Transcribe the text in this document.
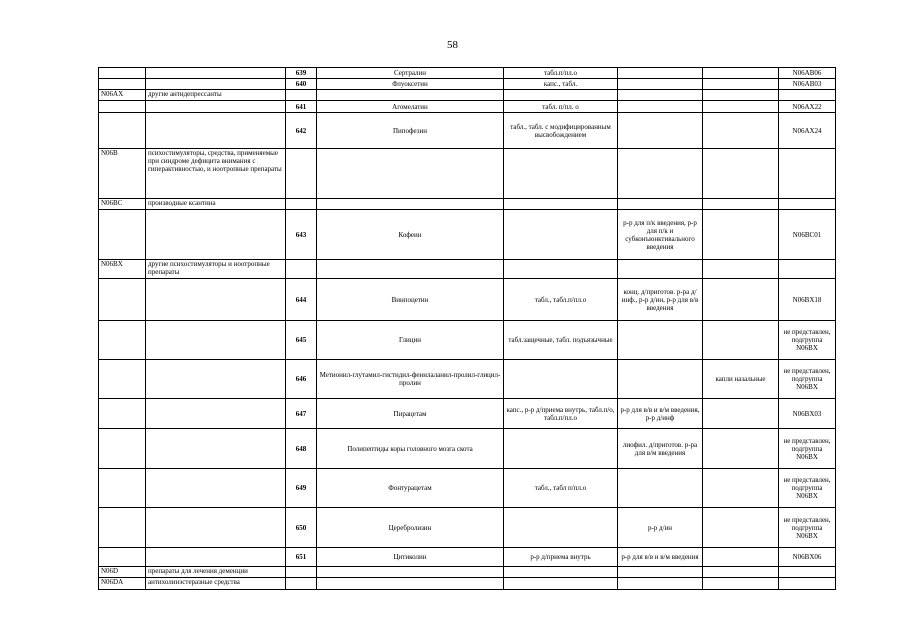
58
		639	Сертралин	табл.п/пл.о			N06AB06
		640	Флуоксетин	капс., табл.			N06AB03
N06AX	другие антидепрессанты						
		641	Агомелатин	табл. п/пл. о			N06AX22
		642	Пипофезин	табл., табл. с модифицированным высвобождением			N06AX24
N06B	психостимуляторы, средства, применяемые при синдроме дефицита внимания с гиперактивностью, и ноотропные препараты						
N06BC	производные ксантина						
		643	Кофеин		р-р для п/к введения, р-р для п/к и субконъюнктивального введения		N06BC01
N06BX	другие психостимуляторы и ноотропные препараты						
		644	Винпоцетин	табл., табл.п/пл.о	конц. д/приготов. р-ра д/инф., р-р д/ин, р-р для в/в введения		N06BX18
		645	Глицин	табл.защечные, табл. подъязычные			не представлен, подгруппа N06BX
		646	Метионил-глутамил-гистидил-фенилаланил-пролил-глицил-пролин			капли назальные	не представлен, подгруппа N06BX
		647	Пирацетам	капс., р-р д/приема внутрь, табл.п/о, табл.п/пл.о	р-р для в/в и в/м введения, р-р д/инф		N06BX03
		648	Полипептиды коры головного мозга скота		лиофил. д/приготов. р-ра для в/м введения		не представлен, подгруппа N06BX
		649	Фонтурацетам	табл., табл п/пл.о			не представлен, подгруппа N06BX
		650	Церебролизин		р-р д/ин		не представлен, подгруппа N06BX
		651	Цитиколин	р-р д/приема внутрь	р-р для в/в и в/м введения		N06BX06
N06D	препараты для лечения деменции						
N06DA	антихолинэстеразные средства						
